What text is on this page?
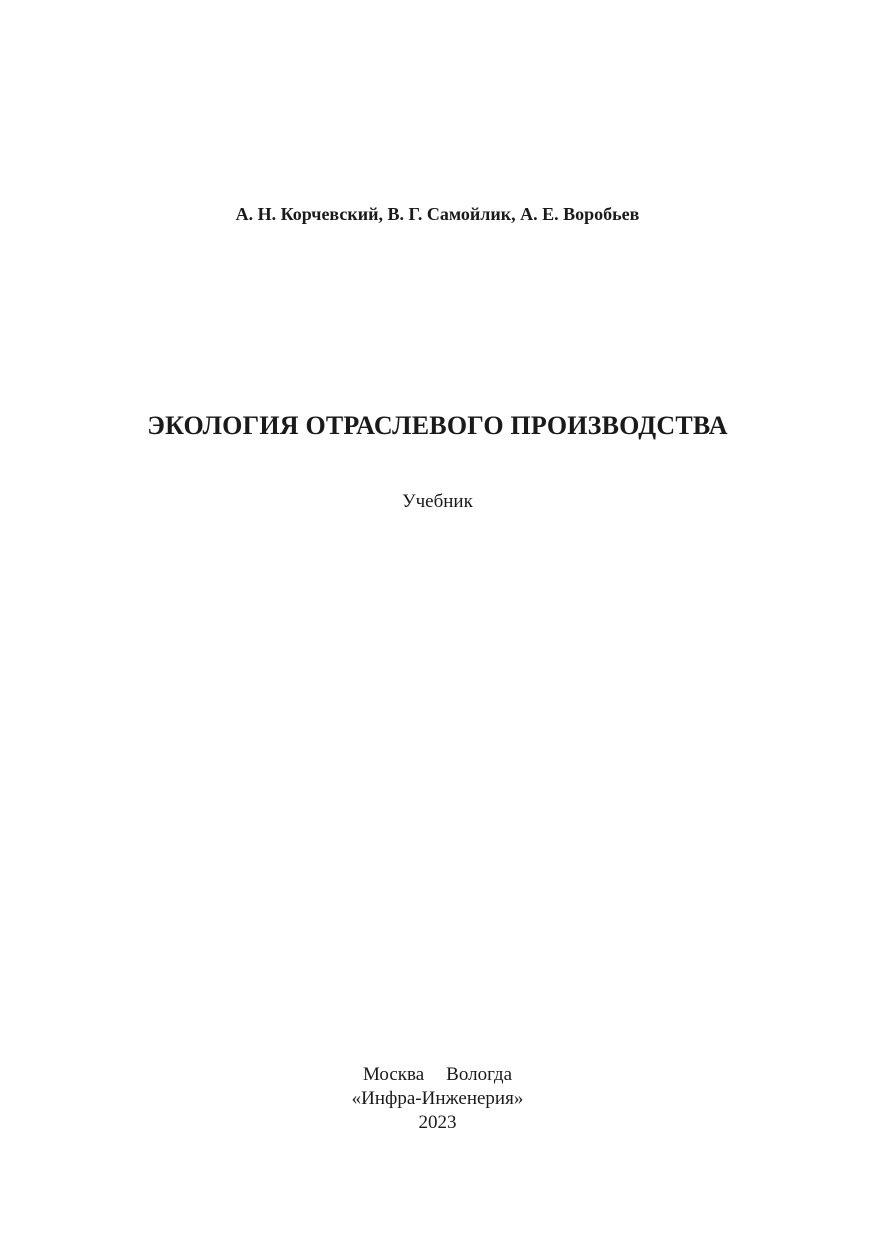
А. Н. Корчевский, В. Г. Самойлик, А. Е. Воробьев
ЭКОЛОГИЯ ОТРАСЛЕВОГО ПРОИЗВОДСТВА
Учебник
Москва Вологда
«Инфра-Инженерия»
2023
